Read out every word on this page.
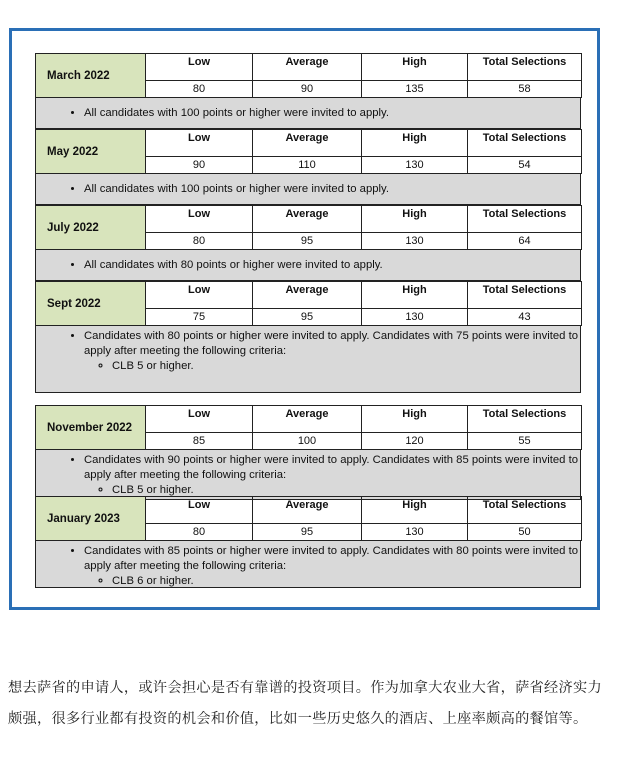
March 2022	Low	Average	High	Total Selections
	80	90	135	58
• All candidates with 100 points or higher were invited to apply.
May 2022	Low	Average	High	Total Selections
	90	110	130	54
• All candidates with 100 points or higher were invited to apply.
July 2022	Low	Average	High	Total Selections
	80	95	130	64
• All candidates with 80 points or higher were invited to apply.
Sept 2022	Low	Average	High	Total Selections
	75	95	130	43
• Candidates with 80 points or higher were invited to apply. Candidates with 75 points were invited to apply after meeting the following criteria:
◦ CLB 5 or higher.
November 2022	Low	Average	High	Total Selections
	85	100	120	55
• Candidates with 90 points or higher were invited to apply. Candidates with 85 points were invited to apply after meeting the following criteria:
◦ CLB 5 or higher.
January 2023	Low	Average	High	Total Selections
	80	95	130	50
• Candidates with 85 points or higher were invited to apply. Candidates with 80 points were invited to apply after meeting the following criteria:
◦ CLB 6 or higher.

想去萨省的申请人，或许会担心是否有靠谱的投资项目。作为加拿大农业大省，萨省经济实力颇强，很多行业都有投资的机会和价值，比如一些历史悠久的酒店、上座率颇高的餐馆等。
